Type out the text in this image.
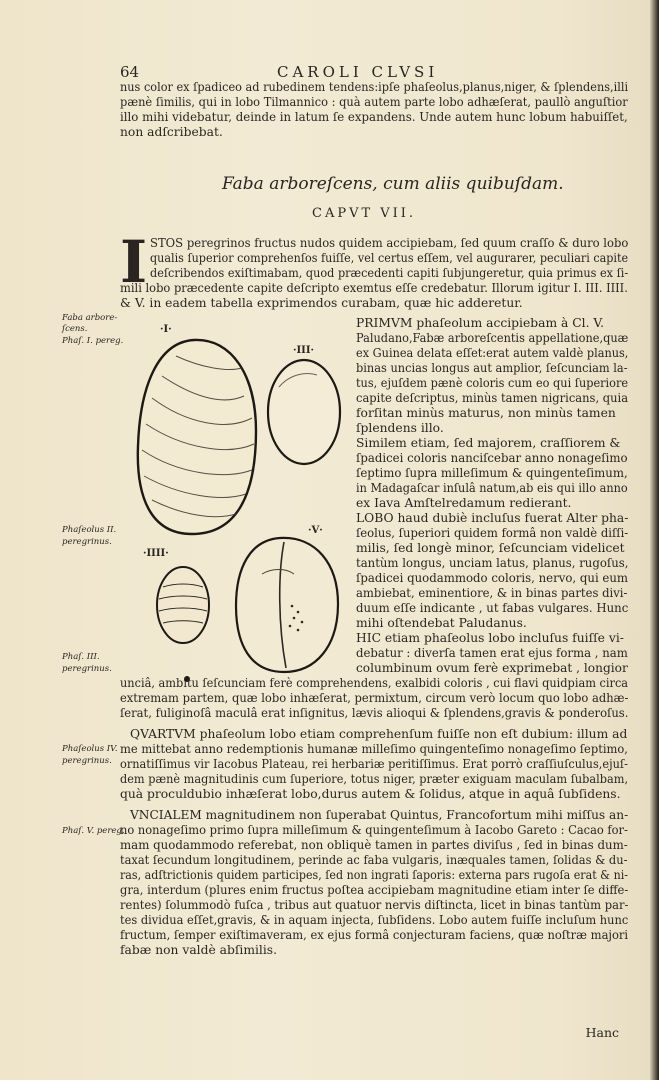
64	CAROLI CLVSI
nus color ex ſpadiceo ad rubedinem tendens:ipſe phaſeolus,planus,niger, & ſplendens,illi
pænè ſimilis, qui in lobo Tilmannico : quà autem parte lobo adhæſerat, paullò anguſtior
illo mihi videbatur, deinde in latum ſe expandens. Unde autem hunc lobum habuiſſet,
non adſcribebat.
Faba arboreſcens, cum aliis quibuſdam.
CAPVT VII.
I STOS peregrinos fructus nudos quidem accipiebam, ſed quum craſſo & duro lobo
qualis ſuperior comprehenſos fuiſſe, vel certus eſſem, vel augurarer, peculiari capite
deſcribendos exiſtimabam, quod præcedenti capiti ſubjungeretur, quia primus ex ſi-
mili lobo præcedente capite deſcripto exemtus eſſe credebatur. Illorum igitur I. III. IIII.
& V. in eadem tabella exprimendos curabam, quæ hic adderetur.
Faba arbore-
ſcens.
Phaſ. I. pereg.
Phaſeolus II.
peregrinus.
Phaſ. III.
peregrinus.
Phaſeolus IV.
peregrinus.
Phaſ. V. pereg.
·I·
·III·
·IIII·
·V·
PRIMVM phaſeolum accipiebam à Cl. V.
Paludano,Fabæ arboreſcentis appellatione,quæ
ex Guinea delata eſſet:erat autem valdè planus,
binas uncias longus aut amplior, ſeſcunciam la-
tus, ejuſdem pænè coloris cum eo qui ſuperiore
capite deſcriptus, minùs tamen nigricans, quia
forſitan minùs maturus, non minùs tamen
ſplendens illo.
Similem etiam, ſed majorem, craſſiorem &
ſpadicei coloris nanciſcebar anno nonageſimo
ſeptimo ſupra milleſimum & quingenteſimum,
in Madagaſcar inſulâ natum,ab eis qui illo anno
ex Iava Amſtelredamum redierant.
LOBO haud dubiè incluſus fuerat Alter pha-
ſeolus, ſuperiori quidem formâ non valdè diſſi-
milis, ſed longè minor, ſeſcunciam videlicet
tantùm longus, unciam latus, planus, rugoſus,
ſpadicei quodammodo coloris, nervo, qui eum
ambiebat, eminentiore, & in binas partes divi-
duum eſſe indicante , ut fabas vulgares. Hunc
mihi oſtendebat Paludanus.
HIC etiam phaſeolus lobo incluſus fuiſſe vi-
debatur : diverſa tamen erat ejus forma , nam
columbinum ovum ferè exprimebat , longior
unciâ, ambitu ſeſcunciam ferè comprehendens, exalbidi coloris , cui flavi quidpiam circa
extremam partem, quæ lobo inhæſerat, permixtum, circum verò locum quo lobo adhæ-
ſerat, fuliginoſâ maculâ erat inſignitus, lævis alioqui & ſplendens,gravis & ponderoſus.
QVARTVM phaſeolum lobo etiam comprehenſum fuiſſe non eſt dubium: illum ad
me mittebat anno redemptionis humanæ milleſimo quingenteſimo nonageſimo ſeptimo,
ornatiſſimus vir Iacobus Plateau, rei herbariæ peritiſſimus. Erat porrò craſſiuſculus,ejuſ-
dem pænè magnitudinis cum ſuperiore, totus niger, præter exiguam maculam ſubalbam,
quà proculdubio inhæſerat lobo,durus autem & ſolidus, atque in aquâ ſubſidens.
VNCIALEM magnitudinem non ſuperabat Quintus, Francofortum mihi miſſus an-
no nonageſimo primo ſupra milleſimum & quingenteſimum à Iacobo Gareto : Cacao for-
mam quodammodo referebat, non obliquè tamen in partes diviſus , ſed in binas dum-
taxat ſecundum longitudinem, perinde ac faba vulgaris, inæquales tamen, ſolidas & du-
ras, adſtrictionis quidem participes, ſed non ingrati ſaporis: externa pars rugoſa erat & ni-
gra, interdum (plures enim fructus poſtea accipiebam magnitudine etiam inter ſe diffe-
rentes) ſolummodò fuſca , tribus aut quatuor nervis diſtincta, licet in binas tantùm par-
tes dividua eſſet,gravis, & in aquam injecta, ſubſidens. Lobo autem fuiſſe incluſum hunc
fructum, ſemper exiſtimaveram, ex ejus formâ conjecturam faciens, quæ noſtræ majori
fabæ non valdè abſimilis.
Hanc
